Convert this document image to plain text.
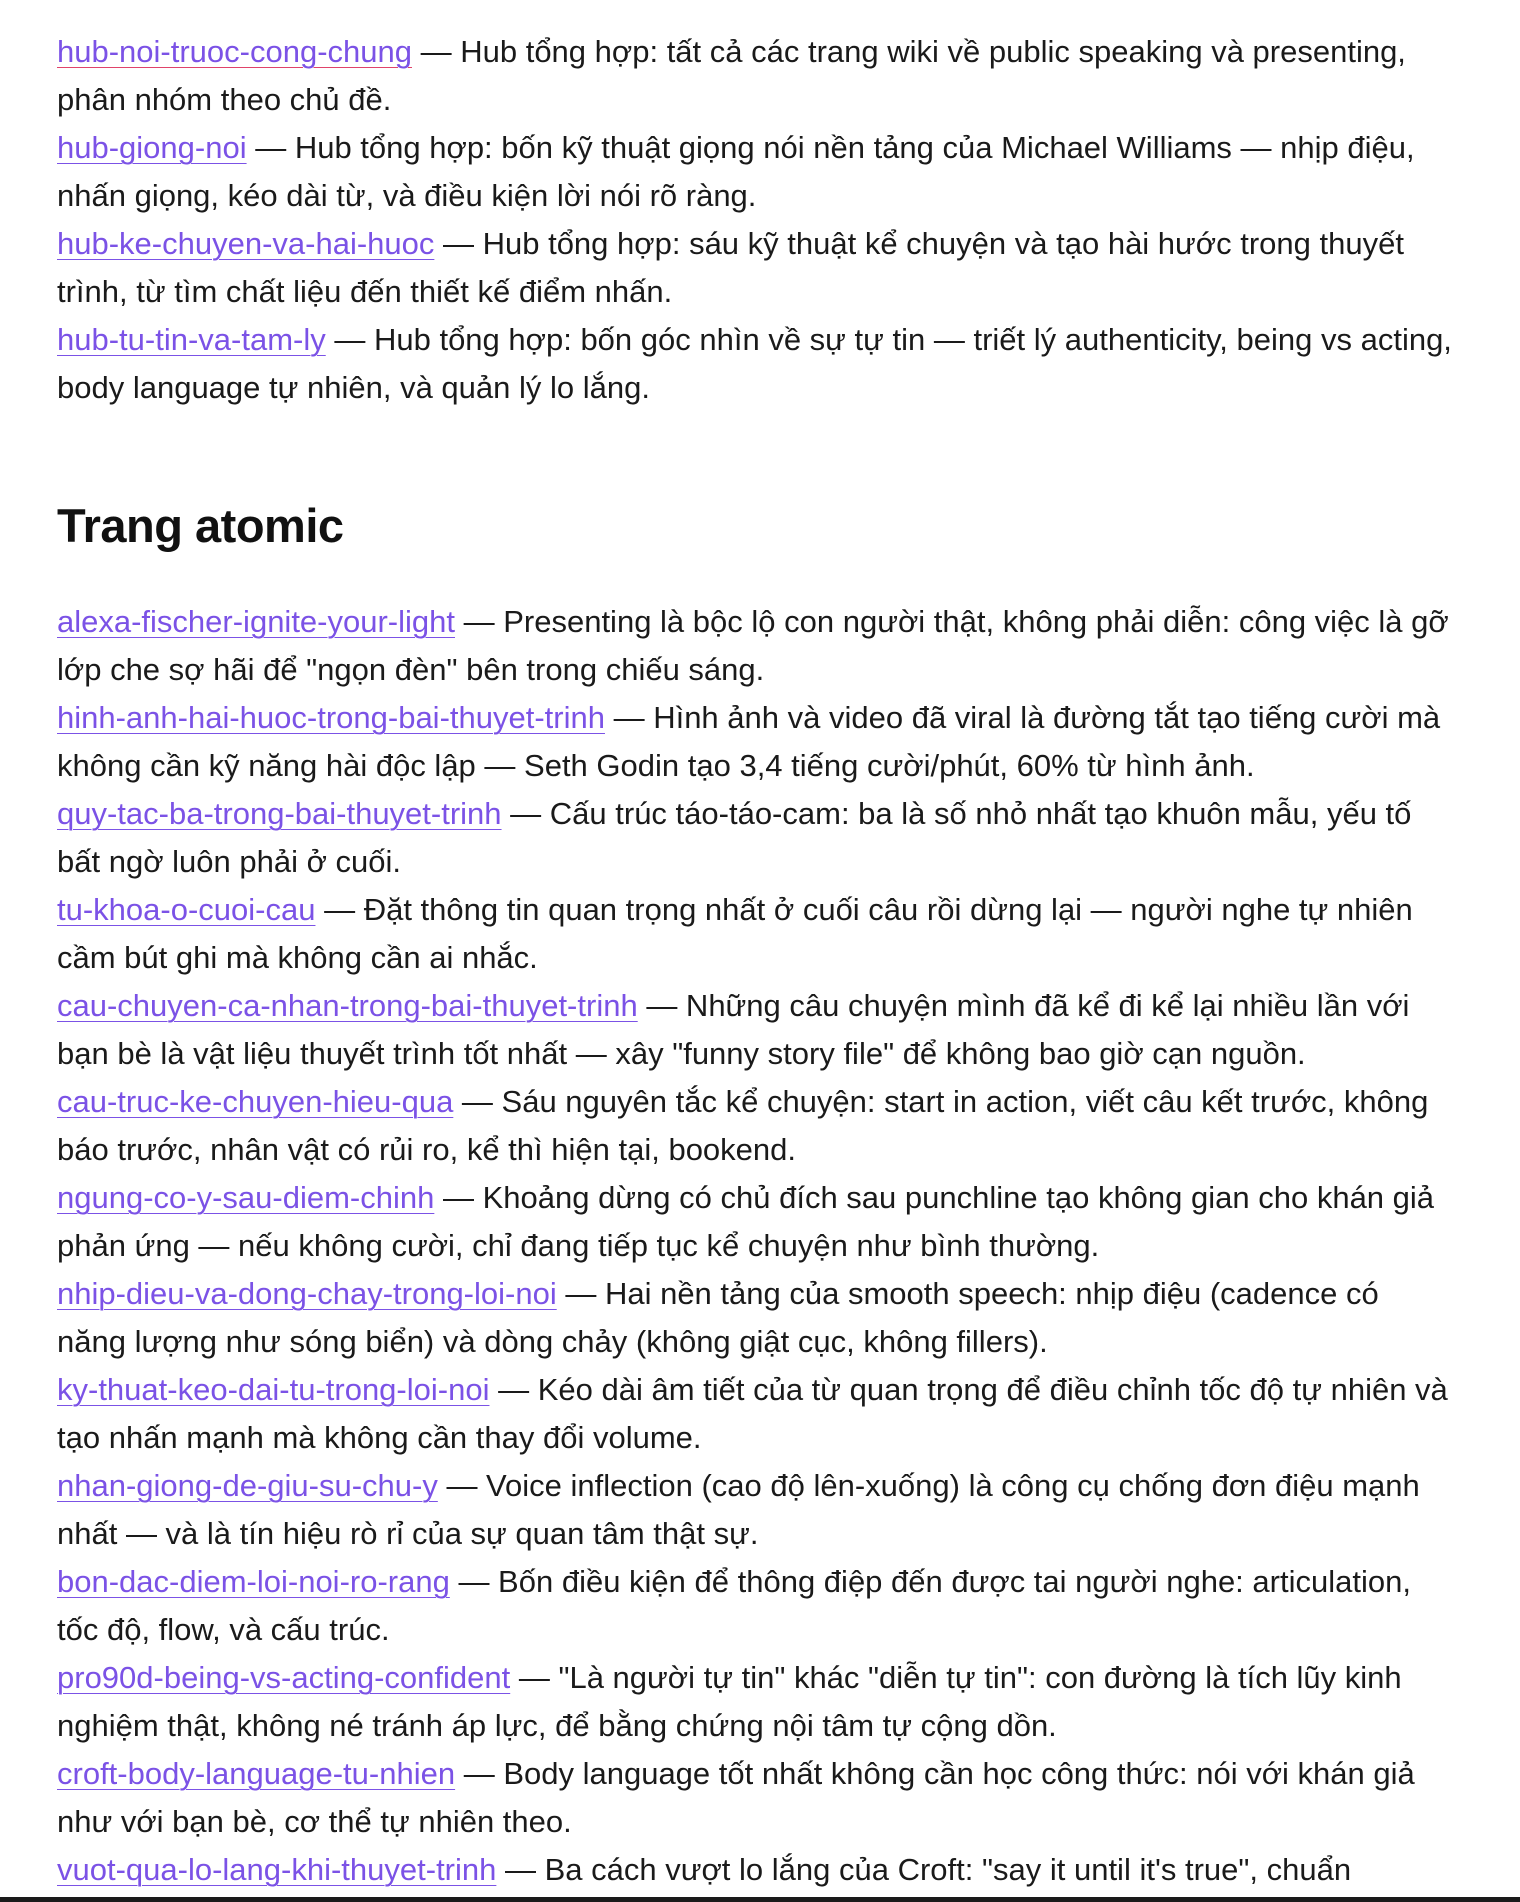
hub-noi-truoc-cong-chung — Hub tổng hợp: tất cả các trang wiki về public speaking và presenting, phân nhóm theo chủ đề.

hub-giong-noi — Hub tổng hợp: bốn kỹ thuật giọng nói nền tảng của Michael Williams — nhịp điệu, nhấn giọng, kéo dài từ, và điều kiện lời nói rõ ràng.

hub-ke-chuyen-va-hai-huoc — Hub tổng hợp: sáu kỹ thuật kể chuyện và tạo hài hước trong thuyết trình, từ tìm chất liệu đến thiết kế điểm nhấn.

hub-tu-tin-va-tam-ly — Hub tổng hợp: bốn góc nhìn về sự tự tin — triết lý authenticity, being vs acting, body language tự nhiên, và quản lý lo lắng.

Trang atomic

alexa-fischer-ignite-your-light — Presenting là bộc lộ con người thật, không phải diễn: công việc là gỡ lớp che sợ hãi để "ngọn đèn" bên trong chiếu sáng.

hinh-anh-hai-huoc-trong-bai-thuyet-trinh — Hình ảnh và video đã viral là đường tắt tạo tiếng cười mà không cần kỹ năng hài độc lập — Seth Godin tạo 3,4 tiếng cười/phút, 60% từ hình ảnh.

quy-tac-ba-trong-bai-thuyet-trinh — Cấu trúc táo-táo-cam: ba là số nhỏ nhất tạo khuôn mẫu, yếu tố bất ngờ luôn phải ở cuối.

tu-khoa-o-cuoi-cau — Đặt thông tin quan trọng nhất ở cuối câu rồi dừng lại — người nghe tự nhiên cầm bút ghi mà không cần ai nhắc.

cau-chuyen-ca-nhan-trong-bai-thuyet-trinh — Những câu chuyện mình đã kể đi kể lại nhiều lần với bạn bè là vật liệu thuyết trình tốt nhất — xây "funny story file" để không bao giờ cạn nguồn.

cau-truc-ke-chuyen-hieu-qua — Sáu nguyên tắc kể chuyện: start in action, viết câu kết trước, không báo trước, nhân vật có rủi ro, kể thì hiện tại, bookend.

ngung-co-y-sau-diem-chinh — Khoảng dừng có chủ đích sau punchline tạo không gian cho khán giả phản ứng — nếu không cười, chỉ đang tiếp tục kể chuyện như bình thường.

nhip-dieu-va-dong-chay-trong-loi-noi — Hai nền tảng của smooth speech: nhịp điệu (cadence có năng lượng như sóng biển) và dòng chảy (không giật cục, không fillers).

ky-thuat-keo-dai-tu-trong-loi-noi — Kéo dài âm tiết của từ quan trọng để điều chỉnh tốc độ tự nhiên và tạo nhấn mạnh mà không cần thay đổi volume.

nhan-giong-de-giu-su-chu-y — Voice inflection (cao độ lên-xuống) là công cụ chống đơn điệu mạnh nhất — và là tín hiệu rò rỉ của sự quan tâm thật sự.

bon-dac-diem-loi-noi-ro-rang — Bốn điều kiện để thông điệp đến được tai người nghe: articulation, tốc độ, flow, và cấu trúc.

pro90d-being-vs-acting-confident — "Là người tự tin" khác "diễn tự tin": con đường là tích lũy kinh nghiệm thật, không né tránh áp lực, để bằng chứng nội tâm tự cộng dồn.

croft-body-language-tu-nhien — Body language tốt nhất không cần học công thức: nói với khán giả như với bạn bè, cơ thể tự nhiên theo.

vuot-qua-lo-lang-khi-thuyet-trinh — Ba cách vượt lo lắng của Croft: "say it until it's true", chuẩn
